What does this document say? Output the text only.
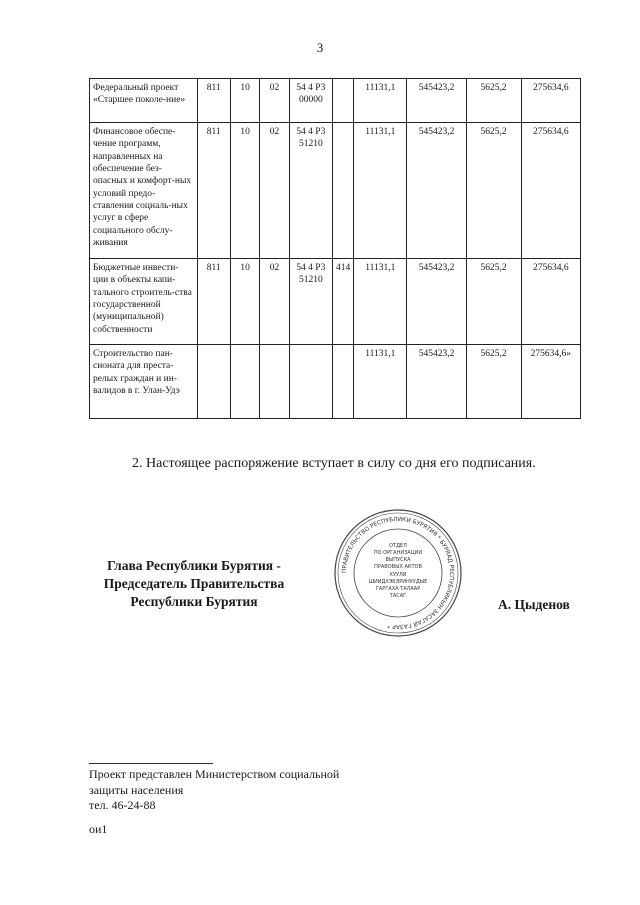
3
Федеральный проект «Старшее поколе-ние»	811	10	02	54 4 P3 00000		11131,1	545423,2	5625,2	275634,6
Финансовое обеспе-чение программ, направленных на обеспечение без-опасных и комфорт-ных условий предо-ставления социаль-ных услуг в сфере социального обслу-живания	811	10	02	54 4 P3 51210		11131,1	545423,2	5625,2	275634,6
Бюджетные инвести-ции в объекты капи-тального строитель-ства государственной (муниципальной) собственности	811	10	02	54 4 P3 51210	414	11131,1	545423,2	5625,2	275634,6
Строительство пан-сионата для преста-релых граждан и ин-валидов в г. Улан-Удэ						11131,1	545423,2	5625,2	275634,6»
2. Настоящее распоряжение вступает в силу со дня его подписания.
Глава Республики Бурятия -
Председатель Правительства
Республики Бурятия
ПРАВИТЕЛЬСТВО РЕСПУБЛИКИ БУРЯТИЯ * БУРЯАД РЕСПУБЛИКЫН ЗАСАГАЙ ГАЗАР *
ОТДЕЛ
ПО ОРГАНИЗАЦИИ
ВЫПУСКА
ПРАВОВЫХ АКТОВ
ХУУЛИ
ШИИДХЭБЭРИНУУДЫЕ
ГАРГАХА ТАЛААР
ТАСАГ
А. Цыденов
Проект представлен Министерством социальной
защиты населения
тел. 46-24-88
ои1
